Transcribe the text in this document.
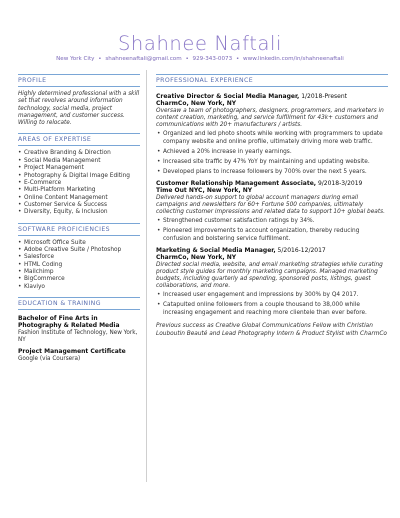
Shahnee Naftali
New York City • shahneenaftali@gmail.com • 929-343-0073 • www.linkedin.com/in/shahneenaftali
PROFILE
Highly determined professional with a skill set that revolves around information technology, social media, project management, and customer success. Willing to relocate.
AREAS OF EXPERTISE
• Creative Branding & Direction
• Social Media Management
• Project Management
• Photography & Digital Image Editing
• E-Commerce
• Multi-Platform Marketing
• Online Content Management
• Customer Service & Success
• Diversity, Equity, & Inclusion
SOFTWARE PROFICIENCIES
• Microsoft Office Suite
• Adobe Creative Suite / Photoshop
• Salesforce
• HTML Coding
• Mailchimp
• BigCommerce
• Klaviyo
EDUCATION & TRAINING
Bachelor of Fine Arts in Photography & Related Media
Fashion Institute of Technology, New York, NY
Project Management Certificate
Google (via Coursera)
PROFESSIONAL EXPERIENCE
Creative Director & Social Media Manager, 1/2018-Present
CharmCo, New York, NY
Oversaw a team of photographers, designers, programmers, and marketers in content creation, marketing, and service fulfillment for 43k+ customers and communications with 20+ manufacturers / artists.
• Organized and led photo shoots while working with programmers to update company website and online profile, ultimately driving more web traffic.
• Achieved a 20% increase in yearly earnings.
• Increased site traffic by 47% YoY by maintaining and updating website.
• Developed plans to increase followers by 700% over the next 5 years.
Customer Relationship Management Associate, 9/2018-3/2019
Time Out NYC, New York, NY
Delivered hands-on support to global account managers during email campaigns and newsletters for 60+ Fortune 500 companies, ultimately collecting customer impressions and related data to support 10+ global beats.
• Strengthened customer satisfaction ratings by 34%.
• Pioneered improvements to account organization, thereby reducing confusion and bolstering service fulfillment.
Marketing & Social Media Manager, 5/2016-12/2017
CharmCo, New York, NY
Directed social media, website, and email marketing strategies while curating product style guides for monthly marketing campaigns. Managed marketing budgets, including quarterly ad spending, sponsored posts, listings, guest collaborations, and more.
• Increased user engagement and impressions by 300% by Q4 2017.
• Catapulted online followers from a couple thousand to 38,000 while increasing engagement and reaching more clientele than ever before.
Previous success as Creative Global Communications Fellow with Christian Louboutin Beauté and Lead Photography Intern & Product Stylist with CharmCo
